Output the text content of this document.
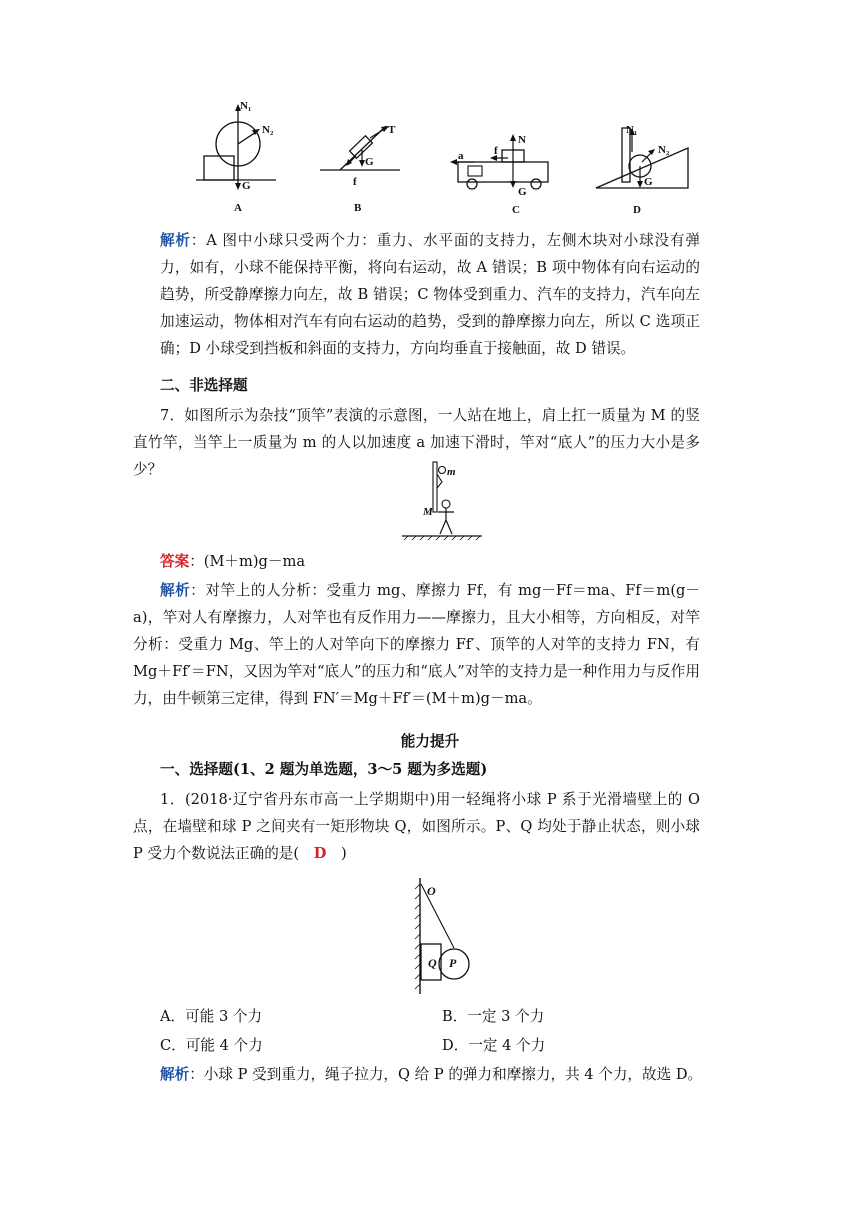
N₁
N₂
G
A
T
G
f
B
N
f
G
a
C
N₁
N₂
G
D
解析：A 图中小球只受两个力：重力、水平面的支持力，左侧木块对小球没有弹力，如有，小球不能保持平衡，将向右运动，故 A 错误；B 项中物体有向右运动的趋势，所受静摩擦力向左，故 B 错误；C 物体受到重力、汽车的支持力，汽车向左加速运动，物体相对汽车有向右运动的趋势，受到的静摩擦力向左，所以 C 选项正确；D 小球受到挡板和斜面的支持力，方向均垂直于接触面，故 D 错误。
二、非选择题
7．如图所示为杂技“顶竿”表演的示意图，一人站在地上，肩上扛一质量为 M 的竖直竹竿，当竿上一质量为 m 的人以加速度 a 加速下滑时，竿对“底人”的压力大小是多少？	m
M
答案：(M＋m)g－ma
解析：对竿上的人分析：受重力 mg、摩擦力 Ff，有 mg－Ff＝ma、Ff＝m(g－a)，竿对人有摩擦力，人对竿也有反作用力——摩擦力，且大小相等，方向相反，对竿分析：受重力 Mg、竿上的人对竿向下的摩擦力 Ff′、顶竿的人对竿的支持力 FN，有 Mg＋Ff′＝FN，又因为竿对“底人”的压力和“底人”对竿的支持力是一种作用力与反作用力，由牛顿第三定律，得到 FN′＝Mg＋Ff′＝(M＋m)g－ma。
能力提升
一、选择题(1、2 题为单选题，3～5 题为多选题)
1．(2018·辽宁省丹东市高一上学期期中)用一轻绳将小球 P 系于光滑墙壁上的 O 点，在墙壁和球 P 之间夹有一矩形物块 Q，如图所示。P、Q 均处于静止状态，则小球 P 受力个数说法正确的是(　D　)
O
Q P
A．可能 3 个力	B．一定 3 个力
C．可能 4 个力	D．一定 4 个力
解析：小球 P 受到重力，绳子拉力，Q 给 P 的弹力和摩擦力，共 4 个力，故选 D。
